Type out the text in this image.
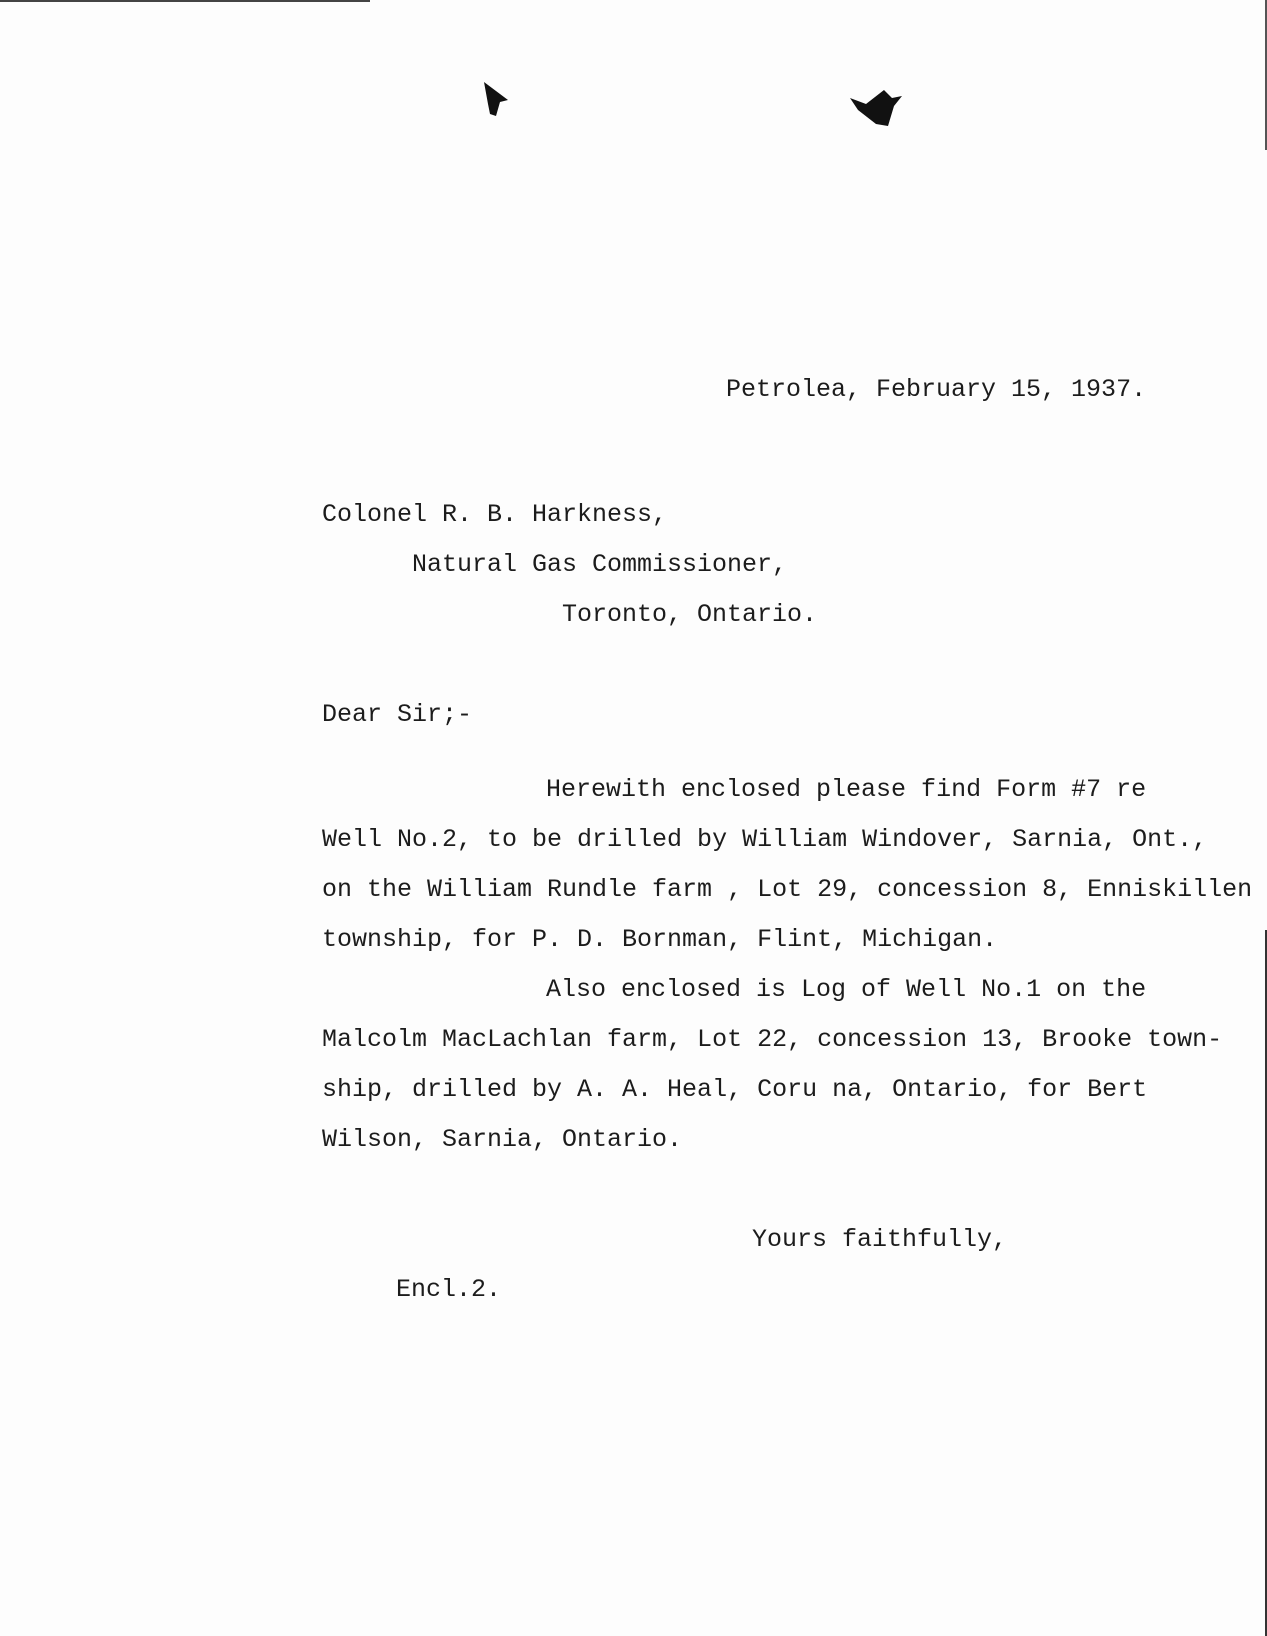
Petrolea, February 15, 1937.
Colonel R. B. Harkness,
Natural Gas Commissioner,
Toronto, Ontario.
Dear Sir;-
Herewith enclosed please find Form #7 re
Well No.2, to be drilled by William Windover, Sarnia, Ont.,
on the William Rundle farm , Lot 29, concession 8, Enniskillen
township, for P. D. Bornman, Flint, Michigan.
Also enclosed is Log of Well No.1 on the
Malcolm MacLachlan farm, Lot 22, concession 13, Brooke town-
ship, drilled by A. A. Heal, Coru na, Ontario, for Bert
Wilson, Sarnia, Ontario.
Yours faithfully,
Encl.2.
